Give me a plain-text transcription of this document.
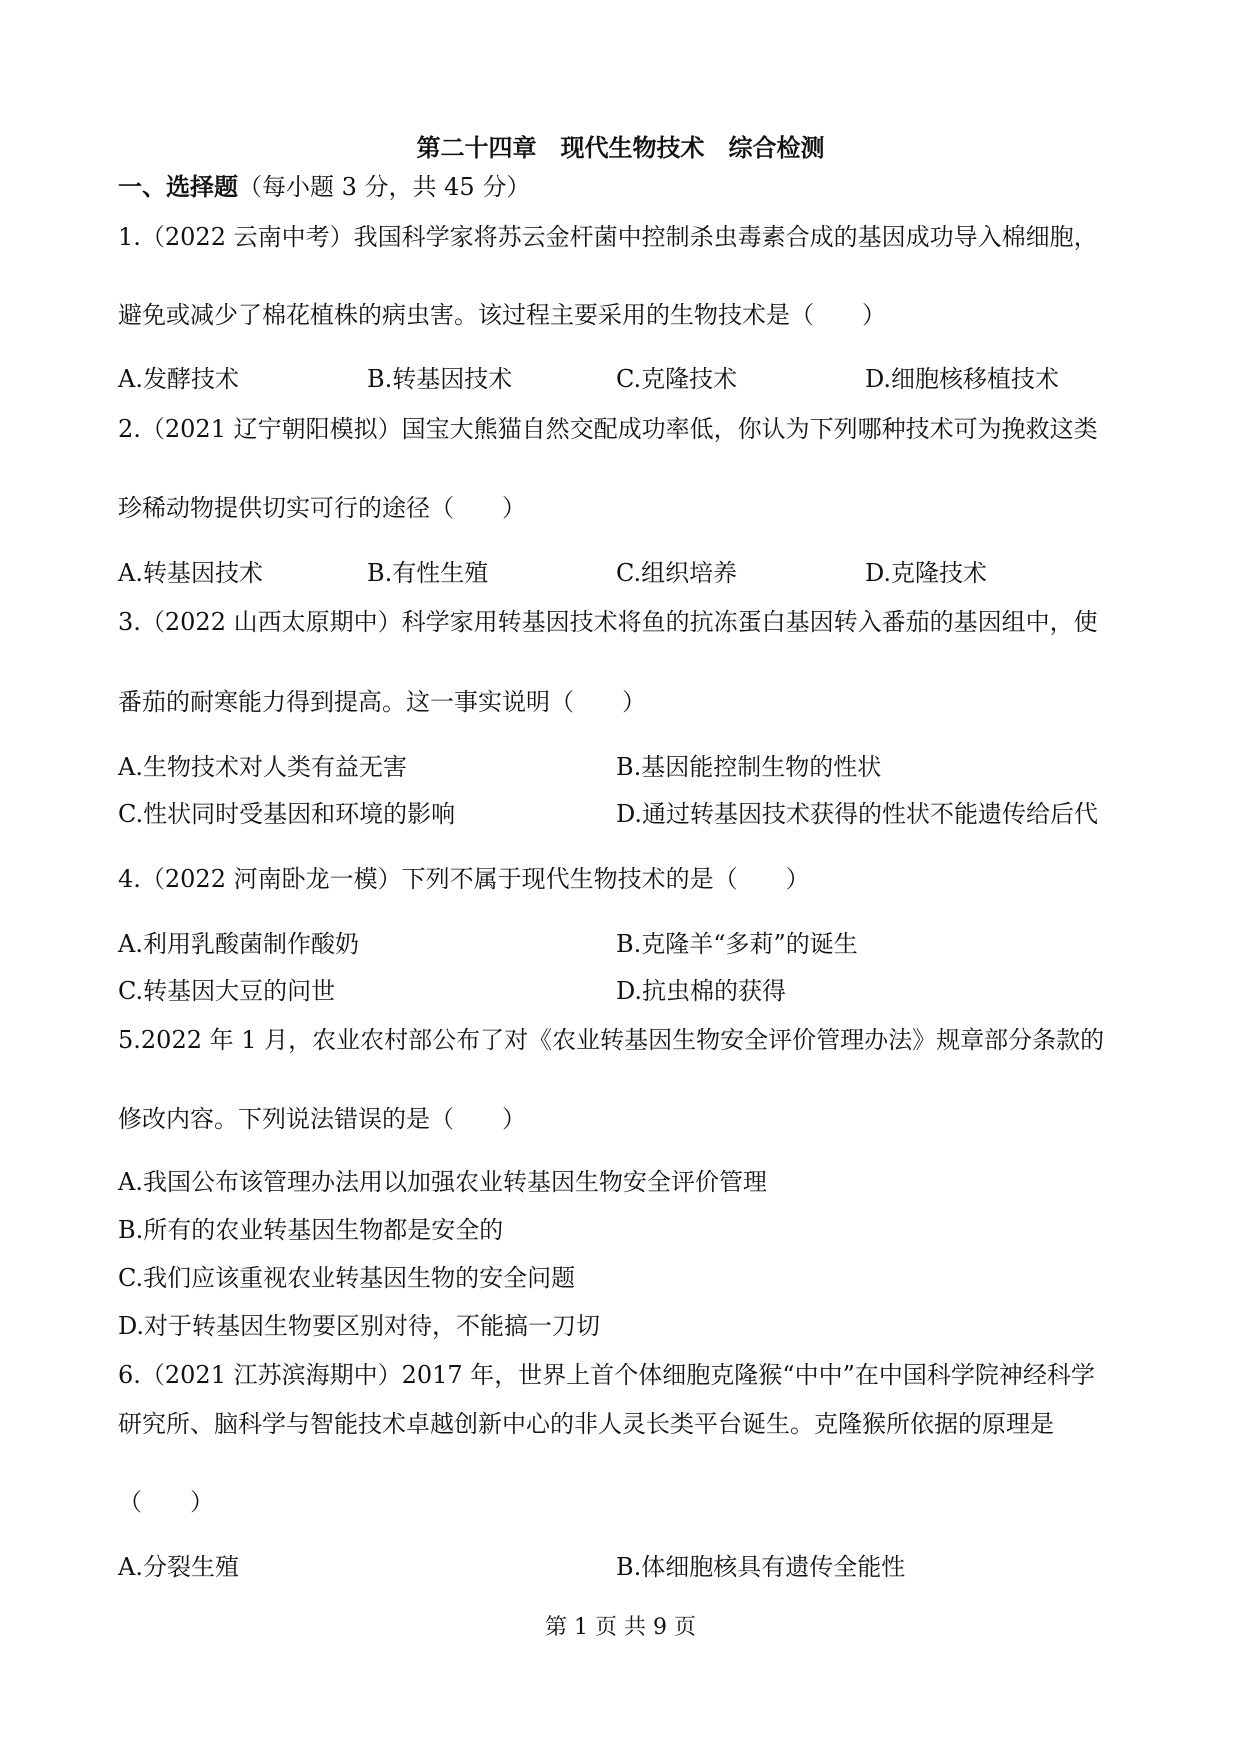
第二十四章　现代生物技术　综合检测
一、选择题（每小题 3 分，共 45 分）
1.（2022 云南中考）我国科学家将苏云金杆菌中控制杀虫毒素合成的基因成功导入棉细胞，
避免或减少了棉花植株的病虫害。该过程主要采用的生物技术是（　　）
A.发酵技术	B.转基因技术	C.克隆技术	D.细胞核移植技术
2.（2021 辽宁朝阳模拟）国宝大熊猫自然交配成功率低，你认为下列哪种技术可为挽救这类
珍稀动物提供切实可行的途径（　　）
A.转基因技术	B.有性生殖	C.组织培养	D.克隆技术
3.（2022 山西太原期中）科学家用转基因技术将鱼的抗冻蛋白基因转入番茄的基因组中，使
番茄的耐寒能力得到提高。这一事实说明（　　）
A.生物技术对人类有益无害	B.基因能控制生物的性状
C.性状同时受基因和环境的影响	D.通过转基因技术获得的性状不能遗传给后代
4.（2022 河南卧龙一模）下列不属于现代生物技术的是（　　）
A.利用乳酸菌制作酸奶	B.克隆羊“多莉”的诞生
C.转基因大豆的问世	D.抗虫棉的获得
5.2022 年 1 月，农业农村部公布了对《农业转基因生物安全评价管理办法》规章部分条款的
修改内容。下列说法错误的是（　　）
A.我国公布该管理办法用以加强农业转基因生物安全评价管理
B.所有的农业转基因生物都是安全的
C.我们应该重视农业转基因生物的安全问题
D.对于转基因生物要区别对待，不能搞一刀切
6.（2021 江苏滨海期中）2017 年，世界上首个体细胞克隆猴“中中”在中国科学院神经科学
研究所、脑科学与智能技术卓越创新中心的非人灵长类平台诞生。克隆猴所依据的原理是
（　　）
A.分裂生殖	B.体细胞核具有遗传全能性
第 1 页 共 9 页
